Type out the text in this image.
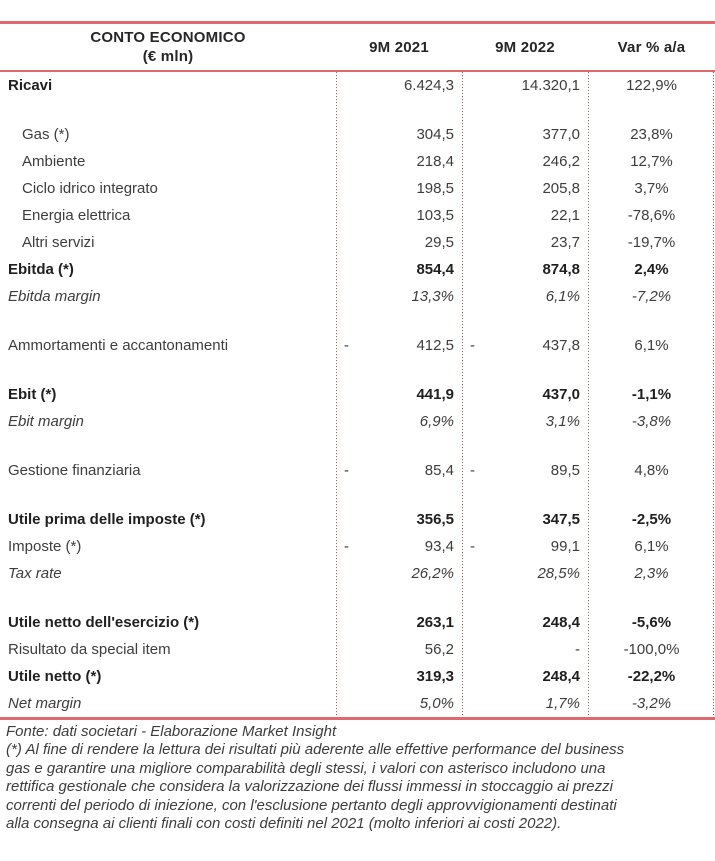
CONTO ECONOMICO
(€ mln)
9M 2021	9M 2022	Var % a/a
Ricavi	6.424,3	14.320,1	122,9%
Gas (*)	304,5	377,0	23,8%
Ambiente	218,4	246,2	12,7%
Ciclo idrico integrato	198,5	205,8	3,7%
Energia elettrica	103,5	22,1	-78,6%
Altri servizi	29,5	23,7	-19,7%
Ebitda (*)	854,4	874,8	2,4%
Ebitda margin	13,3%	6,1%	-7,2%
Ammortamenti e accantonamenti	-	412,5	-	437,8	6,1%
Ebit (*)	441,9	437,0	-1,1%
Ebit margin	6,9%	3,1%	-3,8%
Gestione finanziaria	-	85,4	-	89,5	4,8%
Utile prima delle imposte (*)	356,5	347,5	-2,5%
Imposte (*)	-	93,4	-	99,1	6,1%
Tax rate	26,2%	28,5%	2,3%
Utile netto dell'esercizio (*)	263,1	248,4	-5,6%
Risultato da special item	56,2	-	-100,0%
Utile netto (*)	319,3	248,4	-22,2%
Net margin	5,0%	1,7%	-3,2%
Fonte: dati societari - Elaborazione Market Insight
(*) Al fine di rendere la lettura dei risultati più aderente alle effettive performance del business
gas e garantire una migliore comparabilità degli stessi, i valori con asterisco includono una
rettifica gestionale che considera la valorizzazione dei flussi immessi in stoccaggio ai prezzi
correnti del periodo di iniezione, con l'esclusione pertanto degli approvvigionamenti destinati
alla consegna ai clienti finali con costi definiti nel 2021 (molto inferiori ai costi 2022).
